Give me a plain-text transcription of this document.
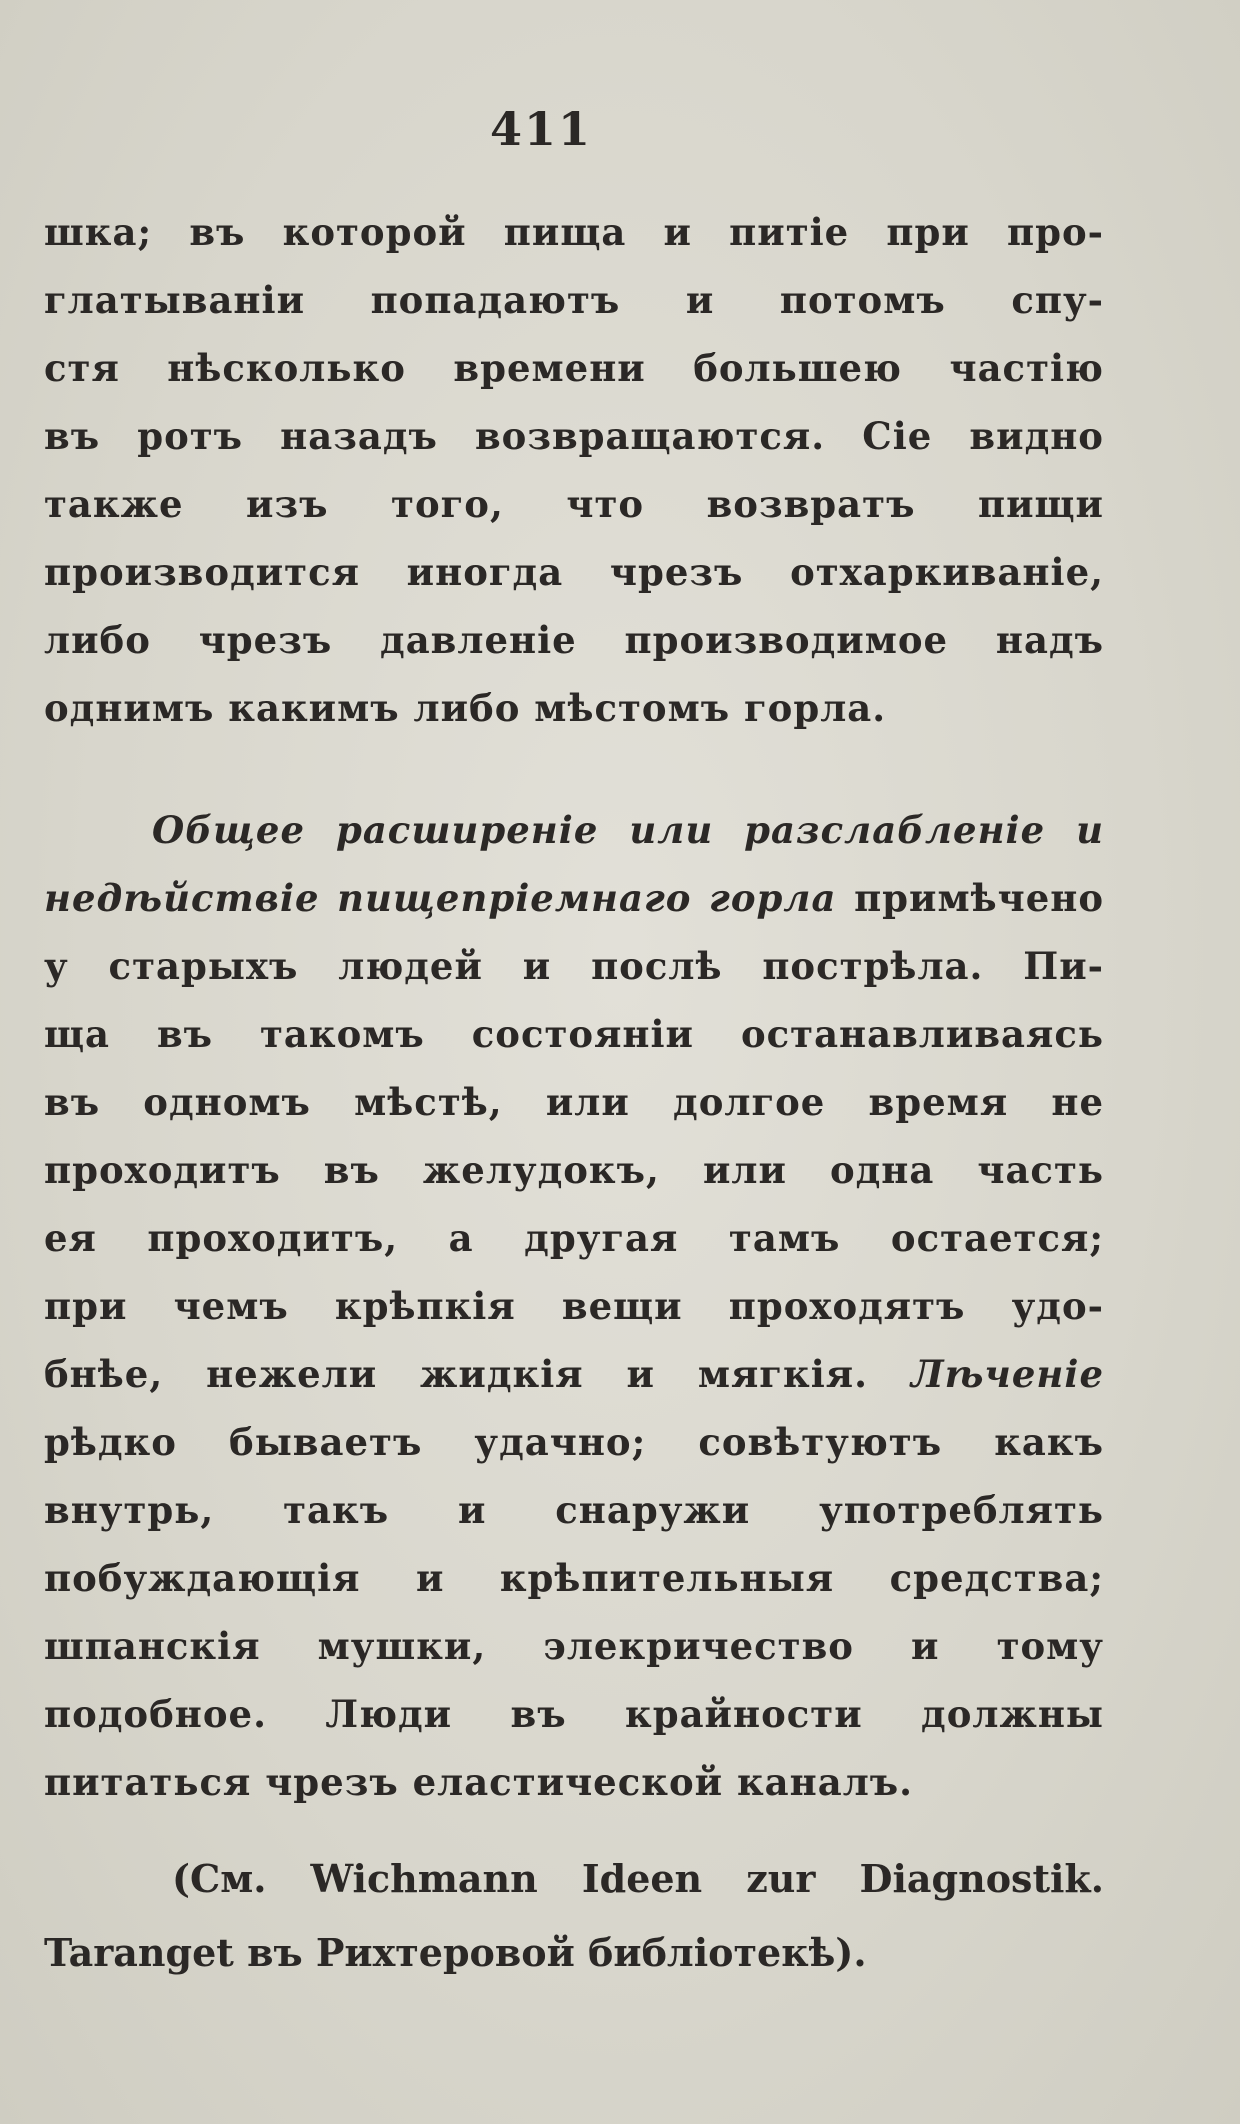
411
шка; въ которой пища и питіе при про-
глатываніи попадаютъ и потомъ спу-
стя нѣсколько времени большею частію
въ ротъ назадъ возвращаются. Сіе видно
также изъ того, что возвратъ пищи
производится иногда чрезъ отхаркиваніе,
либо чрезъ давленіе производимое надъ
однимъ какимъ либо мѣстомъ горла.
Общее расширеніе или разслабленіе и
недѣйствіе пищепріемнаго горла примѣчено
у старыхъ людей и послѣ пострѣла. Пи-
ща въ такомъ состояніи останавливаясь
въ одномъ мѣстѣ, или долгое время не
проходитъ въ желудокъ, или одна часть
ея проходитъ, а другая тамъ остается;
при чемъ крѣпкія вещи проходятъ удо-
бнѣе, нежели жидкія и мягкія. Лѣченіе
рѣдко бываетъ удачно; совѣтуютъ какъ
внутрь, такъ и снаружи употреблять
побуждающія и крѣпительныя средства;
шпанскія мушки, элекричество и тому
подобное. Люди въ крайности должны
питаться чрезъ еластической каналъ.
(См. Wichmann Ideen zur Diagnostik.
Taranget въ Рихтеровой библіотекѣ).
